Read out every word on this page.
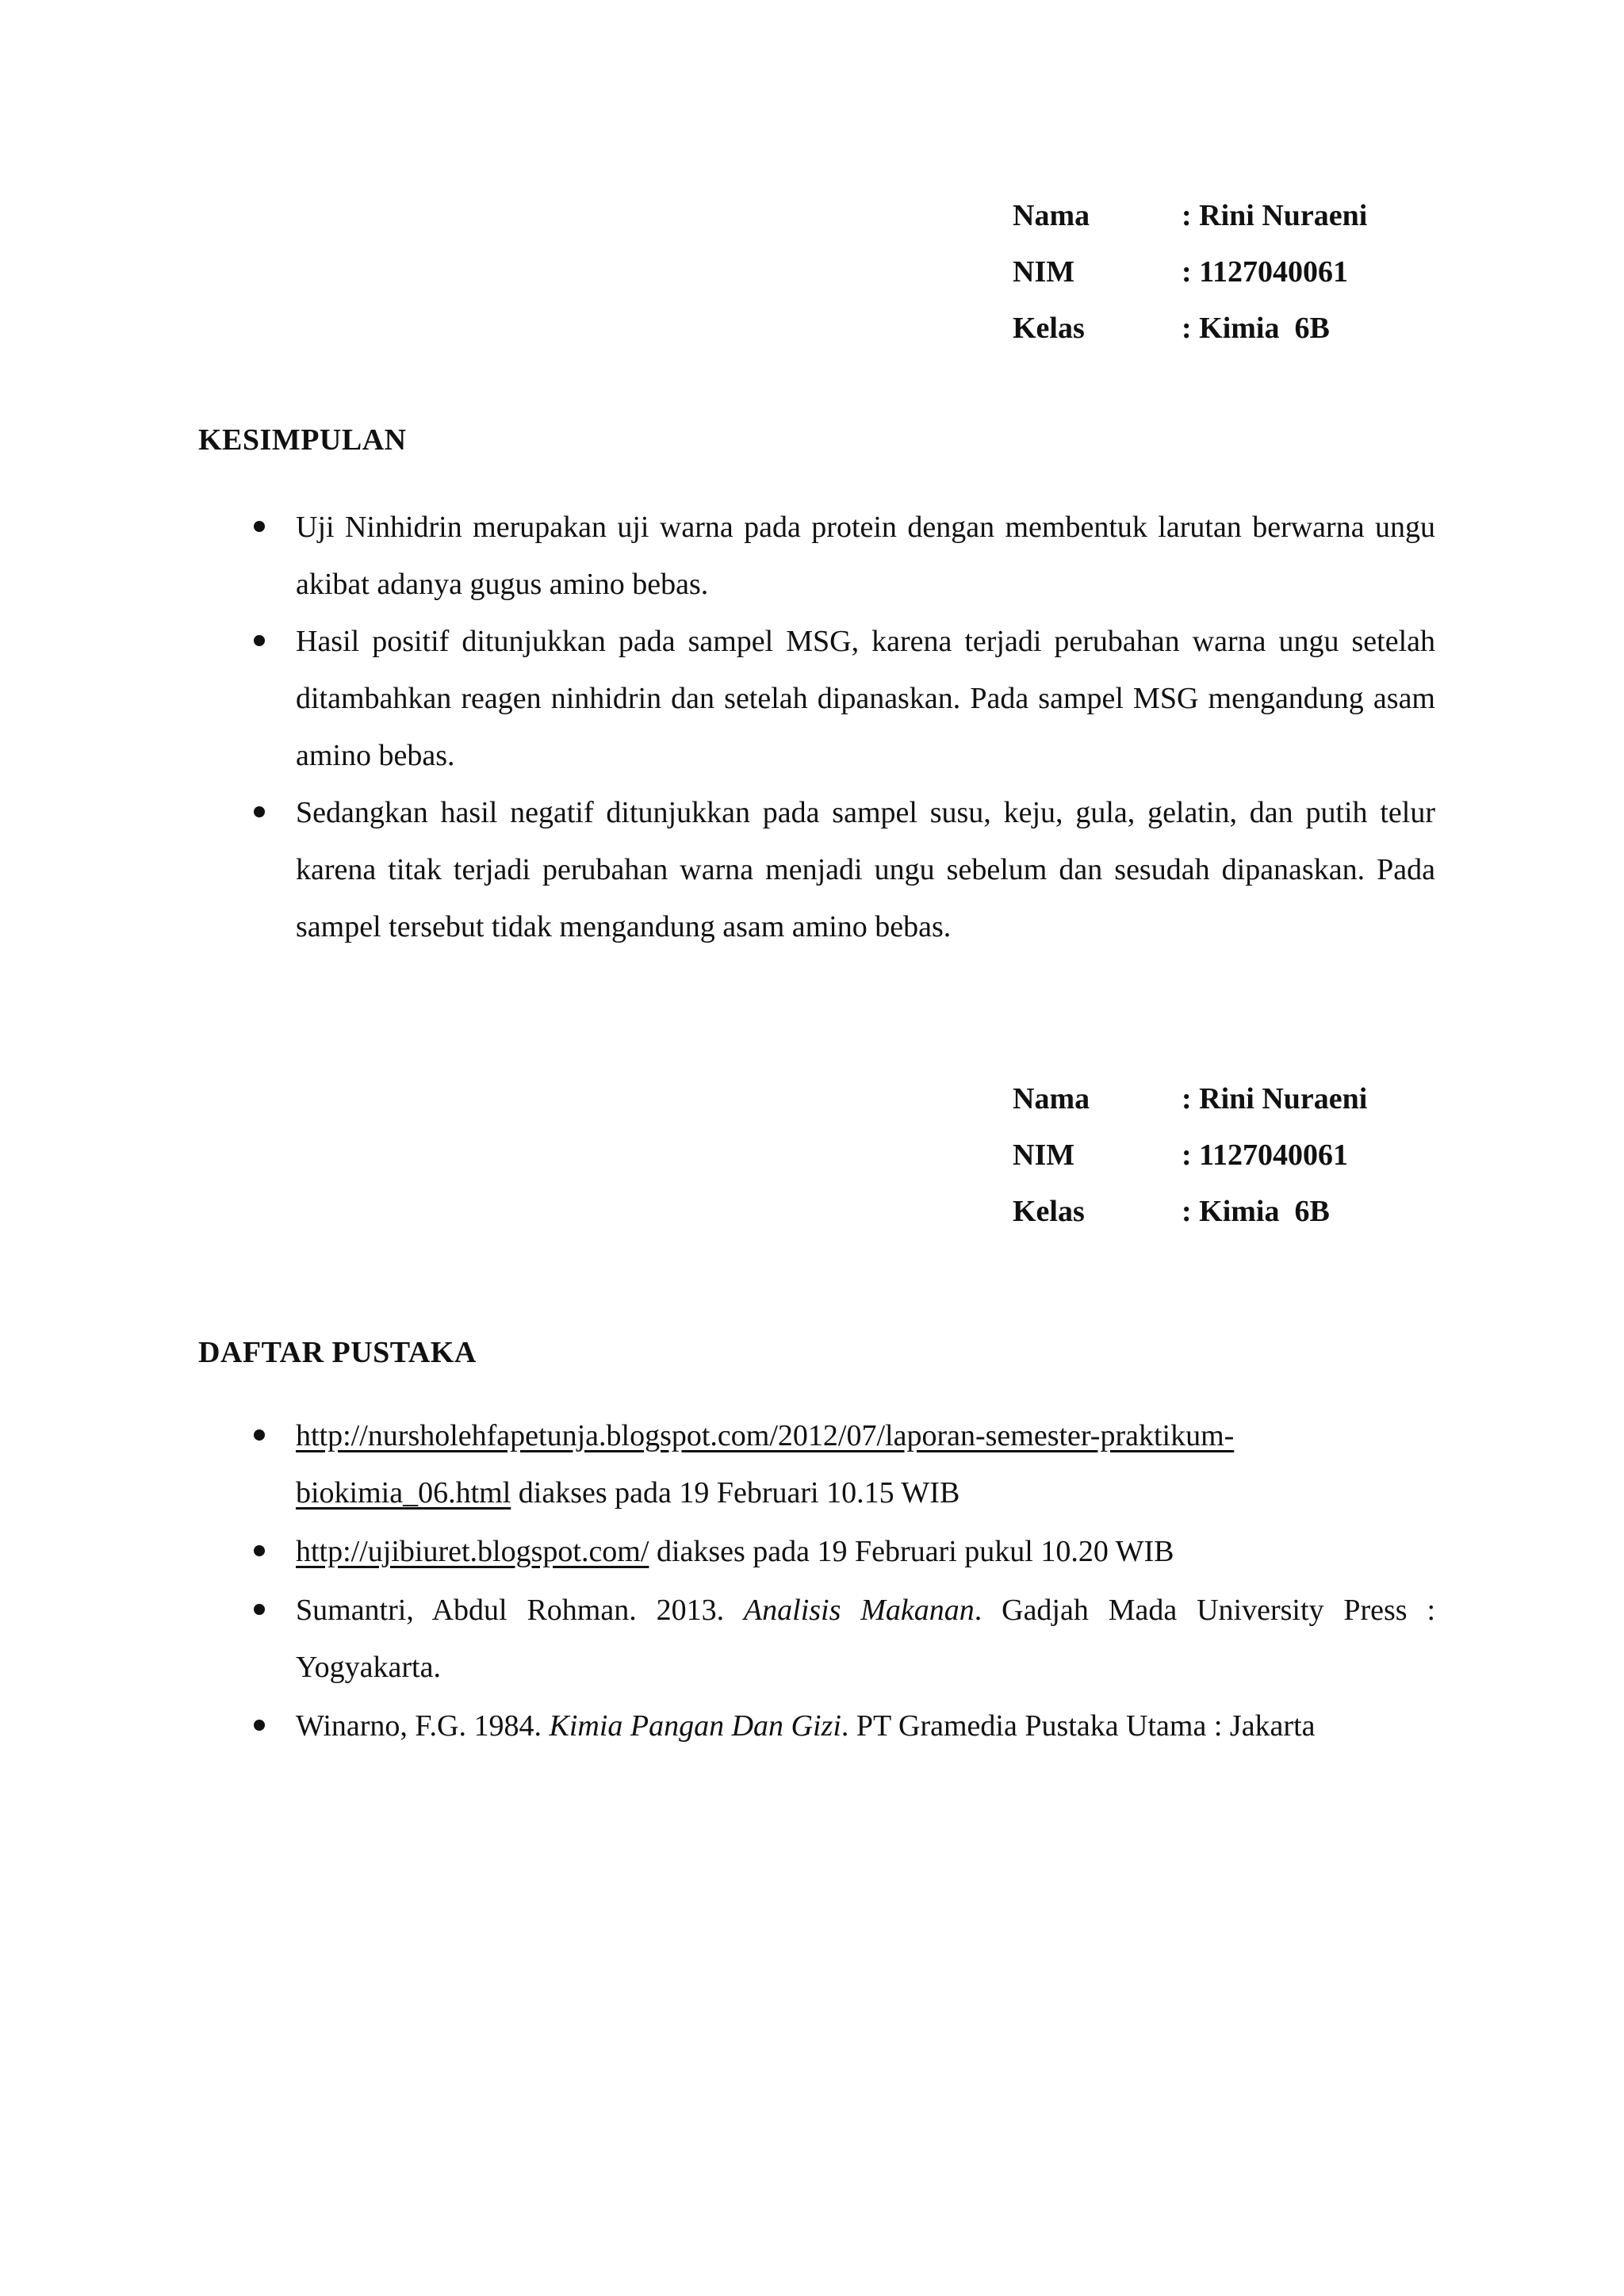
Nama	: Rini Nuraeni
NIM	: 1127040061
Kelas	: Kimia  6B
KESIMPULAN
Uji Ninhidrin merupakan uji warna pada protein dengan membentuk larutan berwarna ungu akibat adanya gugus amino bebas.
Hasil positif ditunjukkan pada sampel MSG, karena terjadi perubahan warna ungu setelah ditambahkan reagen ninhidrin dan setelah dipanaskan. Pada sampel MSG mengandung asam amino bebas.
Sedangkan hasil negatif ditunjukkan pada sampel susu, keju, gula, gelatin, dan putih telur karena titak terjadi perubahan warna menjadi ungu sebelum dan sesudah dipanaskan. Pada sampel tersebut tidak mengandung asam amino bebas.
Nama	: Rini Nuraeni
NIM	: 1127040061
Kelas	: Kimia  6B
DAFTAR PUSTAKA
http://nursholehfapetunja.blogspot.com/2012/07/laporan-semester-praktikum-
biokimia_06.html diakses pada 19 Februari 10.15 WIB
http://ujibiuret.blogspot.com/ diakses pada 19 Februari pukul 10.20 WIB
Sumantri, Abdul Rohman. 2013. Analisis Makanan. Gadjah Mada University Press : Yogyakarta.
Winarno, F.G. 1984. Kimia Pangan Dan Gizi. PT Gramedia Pustaka Utama : Jakarta
